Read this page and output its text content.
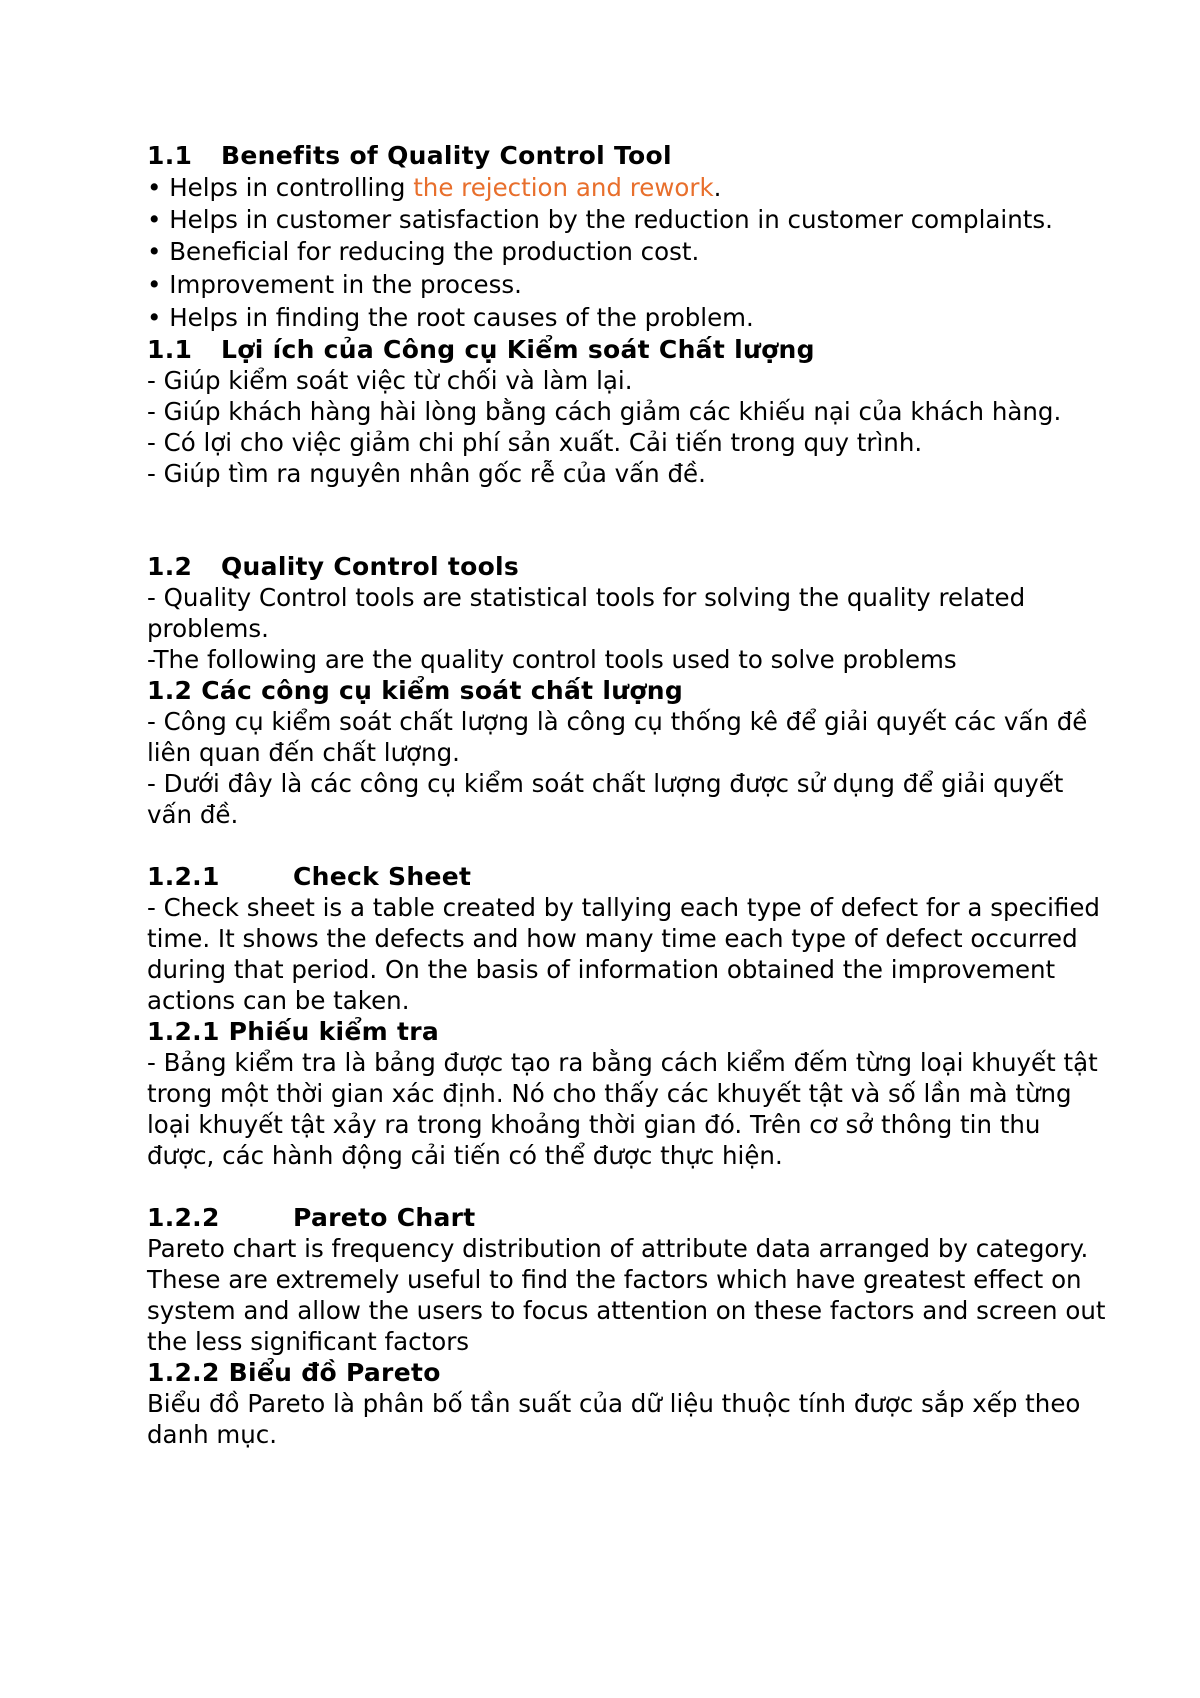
1.1 Benefits of Quality Control Tool

• Helps in controlling the rejection and rework.

• Helps in customer satisfaction by the reduction in customer complaints.

• Beneficial for reducing the production cost.

• Improvement in the process.

• Helps in finding the root causes of the problem.

1.1 Lợi ích của Công cụ Kiểm soát Chất lượng

- Giúp kiểm soát việc từ chối và làm lại.

- Giúp khách hàng hài lòng bằng cách giảm các khiếu nại của khách hàng.

- Có lợi cho việc giảm chi phí sản xuất. Cải tiến trong quy trình.

- Giúp tìm ra nguyên nhân gốc rễ của vấn đề.

1.2 Quality Control tools

- Quality Control tools are statistical tools for solving the quality related problems.

-The following are the quality control tools used to solve problems

1.2 Các công cụ kiểm soát chất lượng

- Công cụ kiểm soát chất lượng là công cụ thống kê để giải quyết các vấn đề liên quan đến chất lượng.

- Dưới đây là các công cụ kiểm soát chất lượng được sử dụng để giải quyết vấn đề.

1.2.1	Check Sheet

- Check sheet is a table created by tallying each type of defect for a specified time. It shows the defects and how many time each type of defect occurred during that period. On the basis of information obtained the improvement actions can be taken.

1.2.1 Phiếu kiểm tra

- Bảng kiểm tra là bảng được tạo ra bằng cách kiểm đếm từng loại khuyết tật trong một thời gian xác định. Nó cho thấy các khuyết tật và số lần mà từng loại khuyết tật xảy ra trong khoảng thời gian đó. Trên cơ sở thông tin thu được, các hành động cải tiến có thể được thực hiện.

1.2.2	Pareto Chart

Pareto chart is frequency distribution of attribute data arranged by category. These are extremely useful to find the factors which have greatest effect on system and allow the users to focus attention on these factors and screen out the less significant factors

1.2.2 Biểu đồ Pareto

Biểu đồ Pareto là phân bố tần suất của dữ liệu thuộc tính được sắp xếp theo danh mục.
